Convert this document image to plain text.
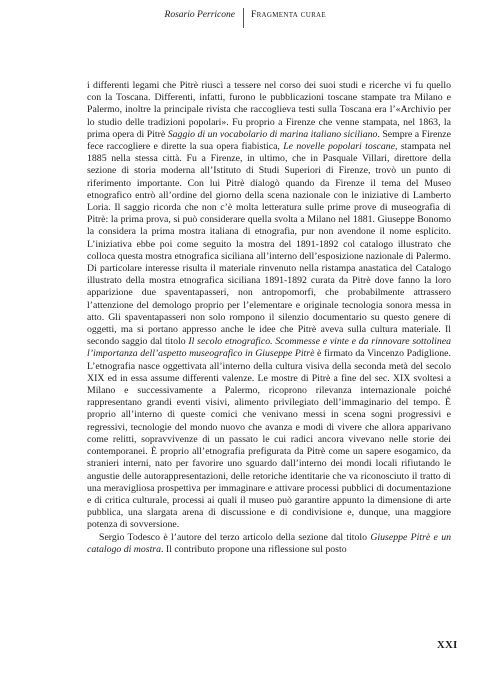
Rosario Perricone Fragmenta curae

i differenti legami che Pitrè riuscì a tessere nel corso dei suoi studi e ricerche vi fu quello con la Toscana. Differenti, infatti, furono le pubblicazioni toscane stampate tra Milano e Palermo, inoltre la principale rivista che raccoglieva testi sulla Toscana era l’«Archivio per lo studio delle tradizioni popolari». Fu proprio a Firenze che venne stampata, nel 1863, la prima opera di Pitrè Saggio di un vocabolario di marina italiano siciliano. Sempre a Firenze fece raccogliere e dirette la sua opera fiabistica, Le novelle popolari toscane, stampata nel 1885 nella stessa città. Fu a Firenze, in ultimo, che in Pasquale Villari, direttore della sezione di storia moderna all’Istituto di Studi Superiori di Firenze, trovò un punto di riferimento importante. Con lui Pitrè dialogò quando da Firenze il tema del Museo etnografico entrò all’ordine del giorno della scena nazionale con le iniziative di Lamberto Loria. Il saggio ricorda che non c’è molta letteratura sulle prime prove di museografia di Pitrè: la prima prova, si può considerare quella svolta a Milano nel 1881. Giuseppe Bonomo la considera la prima mostra italiana di etnografia, pur non avendone il nome esplicito. L’iniziativa ebbe poi come seguito la mostra del 1891-1892 col catalogo illustrato che colloca questa mostra etnografica siciliana all’interno dell’esposizione nazionale di Palermo. Di particolare interesse risulta il materiale rinvenuto nella ristampa anastatica del Catalogo illustrato della mostra etnografica siciliana 1891-1892 curata da Pitrè dove fanno la loro apparizione due spaventapasseri, non antropomorfi, che probabilmente attrassero l’attenzione del demologo proprio per l’elementare e originale tecnologia sonora messa in atto. Gli spaventapasseri non solo rompono il silenzio documentario su questo genere di oggetti, ma si portano appresso anche le idee che Pitrè aveva sulla cultura materiale. Il secondo saggio dal titolo Il secolo etnografico. Scommesse e vinte e da rinnovare sottolinea l’importanza dell’aspetto museografico in Giuseppe Pitrè è firmato da Vincenzo Padiglione. L’etnografia nasce oggettivata all’interno della cultura visiva della seconda metà del secolo XIX ed in essa assume differenti valenze. Le mostre di Pitrè a fine del sec. XIX svoltesi a Milano e successivamente a Palermo, ricoprono rilevanza internazionale poiché rappresentano grandi eventi visivi, alimento privilegiato dell’immaginario del tempo. È proprio all’interno di queste comici che venivano messi in scena sogni progressivi e regressivi, tecnologie del mondo nuovo che avanza e modi di vivere che allora apparivano come relitti, sopravvivenze di un passato le cui radici ancora vivevano nelle storie dei contemporanei. È proprio all’etnografia prefigurata da Pitrè come un sapere esogamico, da stranieri interni, nato per favorire uno sguardo dall’interno dei mondi locali rifiutando le angustie delle autorappresentazioni, delle retoriche identitarie che va riconosciuto il tratto di una meravigliosa prospettiva per immaginare e attivare processi pubblici di documentazione e di critica culturale, processi ai quali il museo può garantire appunto la dimensione di arte pubblica, una slargata arena di discussione e di condivisione e, dunque, una maggiore potenza di sovversione.

Sergio Todesco è l’autore del terzo articolo della sezione dal titolo Giuseppe Pitrè e un catalogo di mostra. Il contributo propone una riflessione sul posto

XXI
